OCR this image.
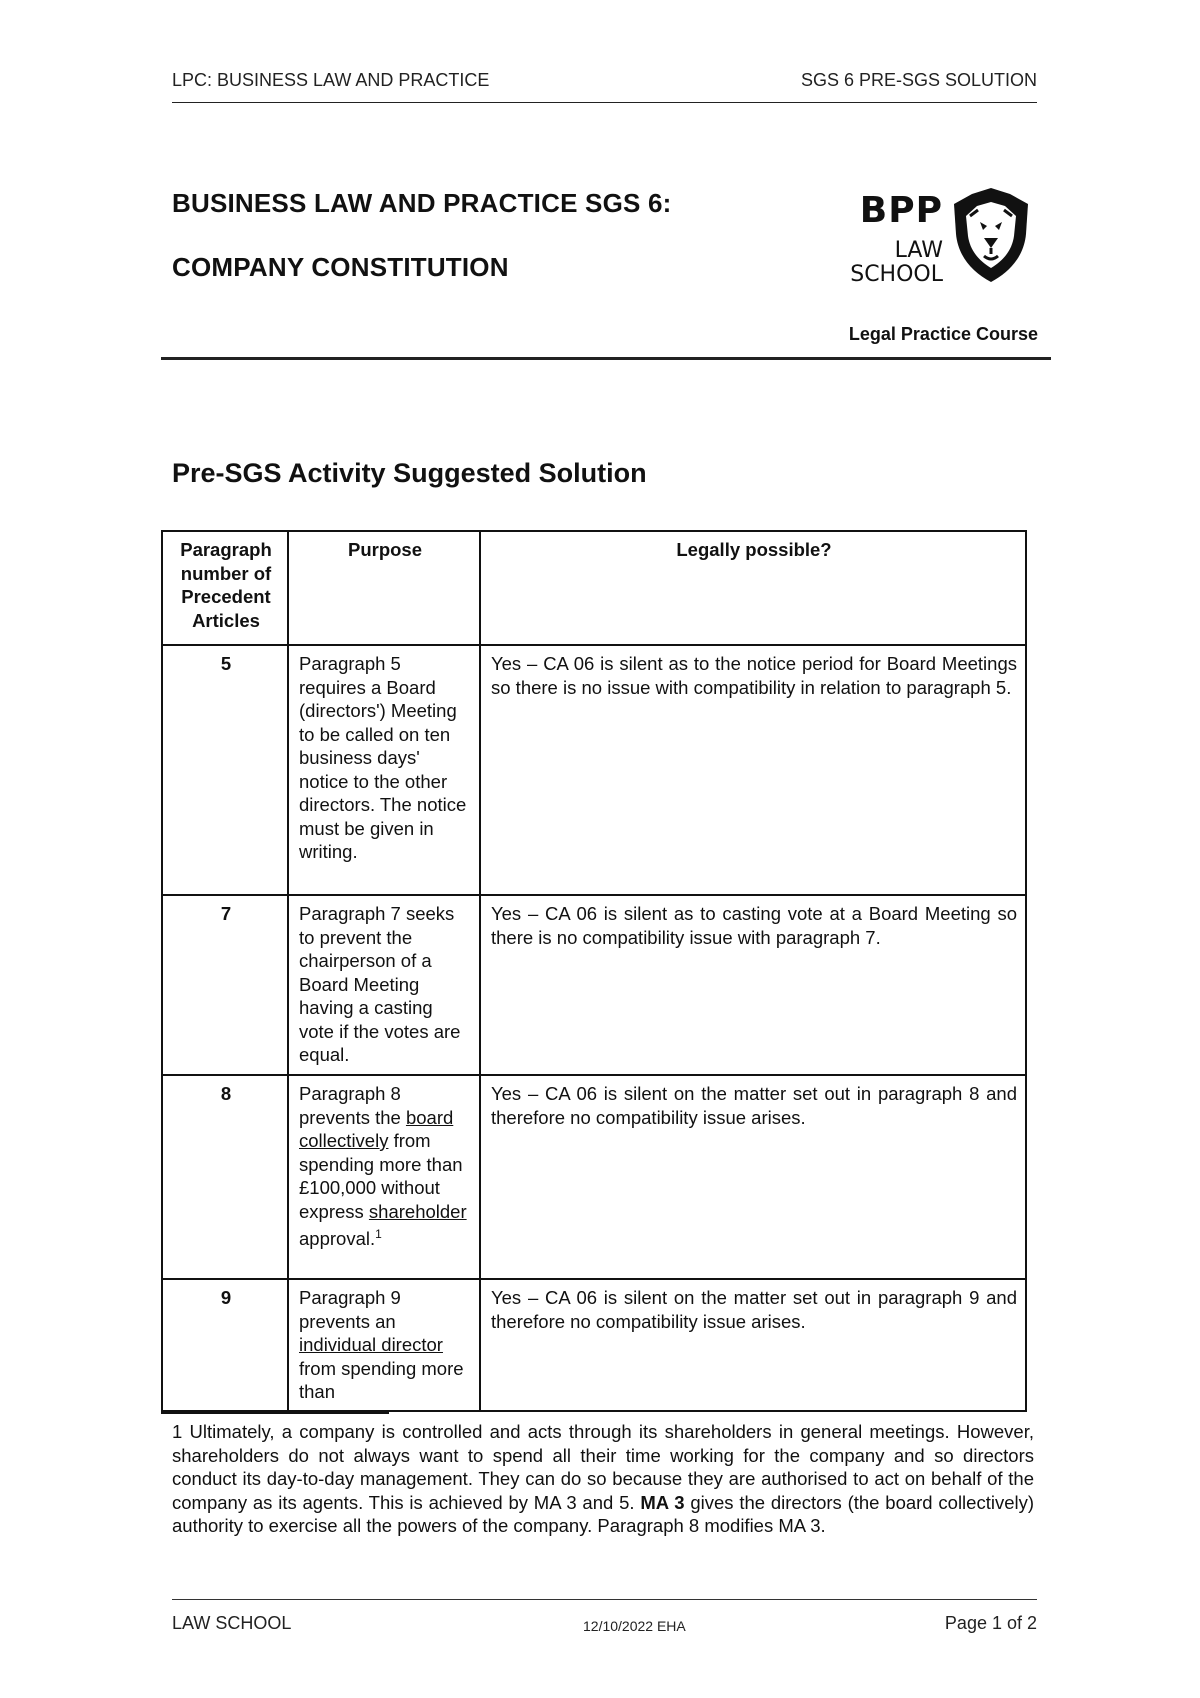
LPC: BUSINESS LAW AND PRACTICE	SGS 6 PRE-SGS SOLUTION
BUSINESS LAW AND PRACTICE SGS 6:
COMPANY CONSTITUTION
BPP
LAW
SCHOOL
Legal Practice Course
Pre-SGS Activity Suggested Solution
Paragraph number of Precedent Articles	Purpose	Legally possible?
5	Paragraph 5 requires a Board (directors') Meeting to be called on ten business days' notice to the other directors. The notice must be given in writing.	Yes – CA 06 is silent as to the notice period for Board Meetings so there is no issue with compatibility in relation to paragraph 5.
7	Paragraph 7 seeks to prevent the chairperson of a Board Meeting having a casting vote if the votes are equal.	Yes – CA 06 is silent as to casting vote at a Board Meeting so there is no compatibility issue with paragraph 7.
8	Paragraph 8 prevents the board collectively from spending more than £100,000 without express shareholder approval.$^1$	Yes – CA 06 is silent on the matter set out in paragraph 8 and therefore no compatibility issue arises.
9	Paragraph 9 prevents an individual director from spending more than	Yes – CA 06 is silent on the matter set out in paragraph 9 and therefore no compatibility issue arises.
1 Ultimately, a company is controlled and acts through its shareholders in general meetings. However, shareholders do not always want to spend all their time working for the company and so directors conduct its day-to-day management. They can do so because they are authorised to act on behalf of the company as its agents. This is achieved by MA 3 and 5. MA 3 gives the directors (the board collectively) authority to exercise all the powers of the company. Paragraph 8 modifies MA 3.
LAW SCHOOL	12/10/2022 EHA	Page 1 of 2
